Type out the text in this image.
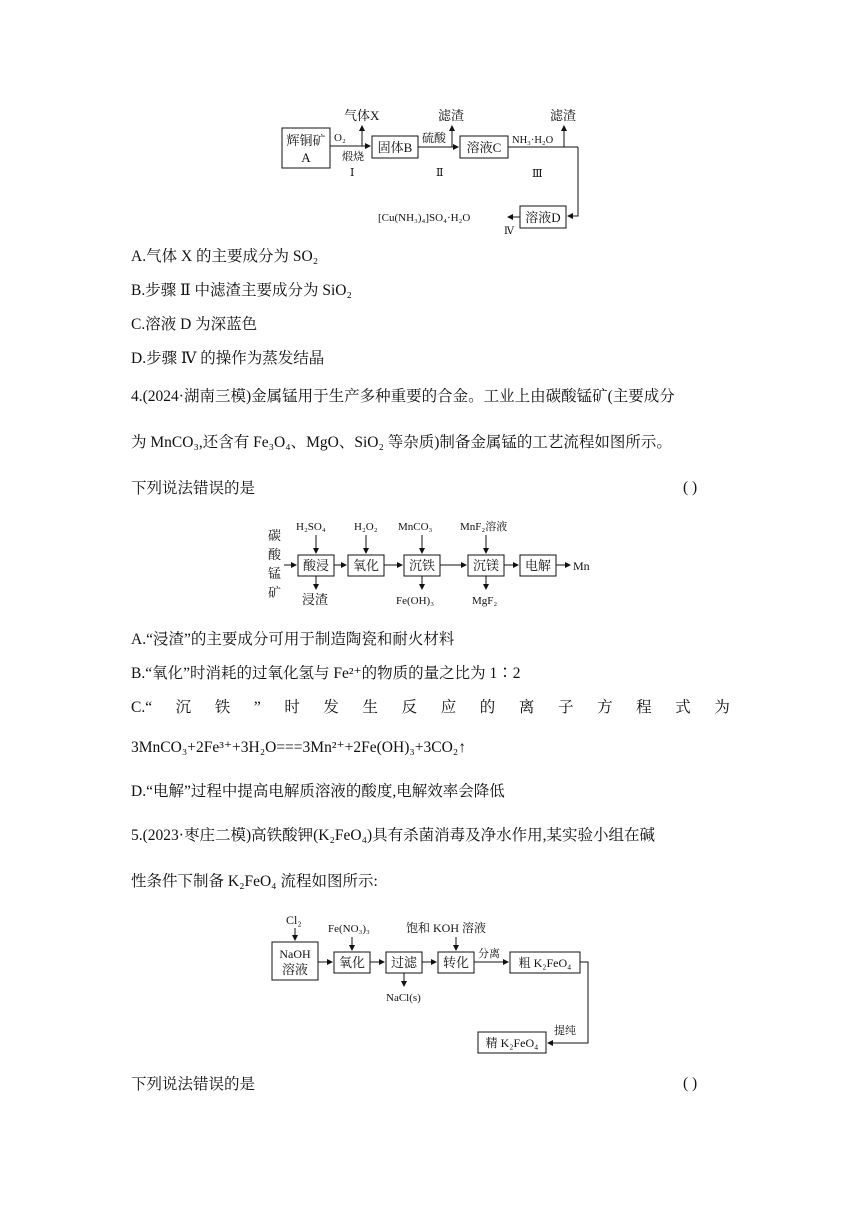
辉铜矿
A
O₂
煅烧
Ⅰ
气体X
固体B
硫酸
Ⅱ
滤渣
溶液C NH₃·H₂O
Ⅲ
滤渣
溶液D
Ⅳ
[Cu(NH₃)₄]SO₄·H₂O
A.气体 X 的主要成分为 SO₂
B.步骤 Ⅱ 中滤渣主要成分为 SiO₂
C.溶液 D 为深蓝色
D.步骤 Ⅳ 的操作为蒸发结晶
4.(2024·湖南三模)金属锰用于生产多种重要的合金。工业上由碳酸锰矿(主要成分
为 MnCO₃,还含有 Fe₃O₄、MgO、SiO₂ 等杂质)制备金属锰的工艺流程如图所示。
下列说法错误的是	( )
碳
酸
锰
矿
H₂SO₄
酸浸
浸渣
H₂O₂
氧化
MnCO₃
沉铁
Fe(OH)₃
MnF₂溶液
沉镁
MgF₂
电解 Mn
A.“浸渣”的主要成分可用于制造陶瓷和耐火材料
B.“氧化”时消耗的过氧化氢与 Fe²⁺的物质的量之比为 1∶2
C.“ 沉 铁 ” 时 发 生 反 应 的 离 子 方 程 式 为
3MnCO₃+2Fe³⁺+3H₂O===3Mn²⁺+2Fe(OH)₃+3CO₂↑
D.“电解”过程中提高电解质溶液的酸度,电解效率会降低
5.(2023·枣庄二模)高铁酸钾(K₂FeO₄)具有杀菌消毒及净水作用,某实验小组在碱
性条件下制备 K₂FeO₄ 流程如图所示:
Cl₂
NaOH
溶液
Fe(NO₃)₃
氧化 过滤
NaCl(s)
饱和 KOH 溶液
转化
分离
粗 K₂FeO₄
提纯
精 K₂FeO₄
下列说法错误的是	( )
